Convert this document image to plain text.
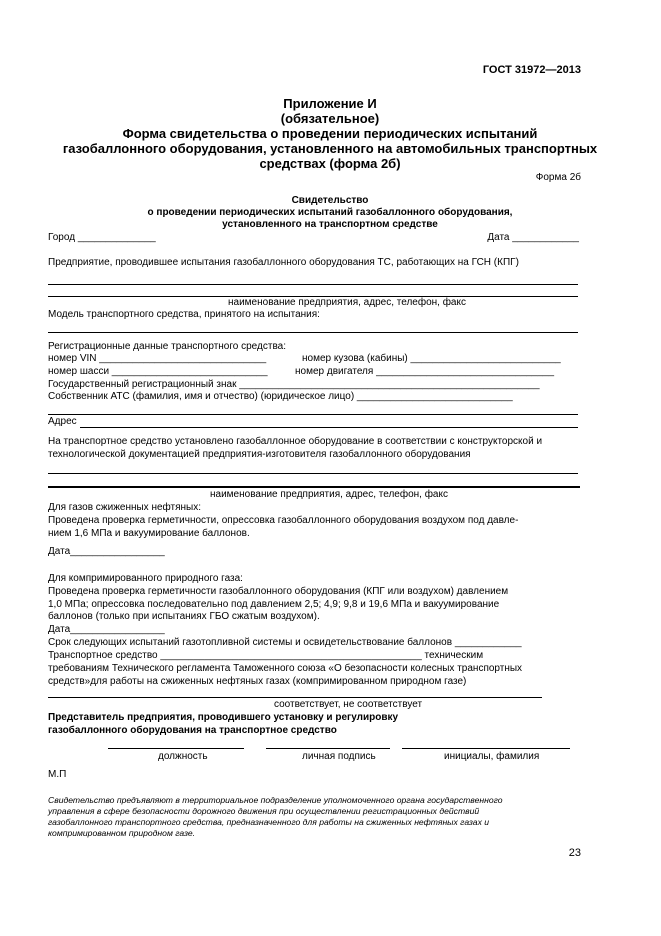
ГОСТ 31972—2013
Приложение И
(обязательное)
Форма свидетельства о проведении периодических испытаний
газобаллонного оборудования, установленного на автомобильных транспортных
средствах (форма 2б)
Форма 2б
Свидетельство
о проведении периодических испытаний газобаллонного оборудования,
установленного на транспортном средстве
Город ______________	Дата ____________
Предприятие, проводившее испытания газобаллонного оборудования ТС, работающих на ГСН (КПГ)
наименование предприятия, адрес, телефон, факс
Модель транспортного средства, принятого на испытания:
Регистрационные данные транспортного средства:
номер VIN ______________________________	номер кузова (кабины) ___________________________
номер шасси ____________________________	номер двигателя ________________________________
Государственный регистрационный знак ______________________________________________________
Собственник АТС (фамилия, имя и отчество) (юридическое лицо) ____________________________
Адрес
На транспортное средство установлено газобаллонное оборудование в соответствии с конструкторской и
технологической документацией предприятия-изготовителя газобаллонного оборудования
наименование предприятия, адрес, телефон, факс
Для газов сжиженных нефтяных:
Проведена проверка герметичности, опрессовка газобаллонного оборудования воздухом под давле-
нием 1,6 МПа и вакуумирование баллонов.
Дата_________________
Для компримированного природного газа:
Проведена проверка герметичности газобаллонного оборудования (КПГ или воздухом) давлением
1,0 МПа; опрессовка последовательно под давлением 2,5; 4,9; 9,8 и 19,6 МПа и вакуумирование
баллонов (только при испытаниях ГБО сжатым воздухом).
Дата_________________
Срок следующих испытаний газотопливной системы и освидетельствование баллонов ____________
Транспортное средство _______________________________________________ техническим
требованиям Технического регламента Таможенного союза «О безопасности колесных транспортных
средств»для работы на сжиженных нефтяных газах (компримированном природном газе)
соответствует, не соответствует
Представитель предприятия, проводившего установку и регулировку
газобаллонного оборудования на транспортное средство
должность	личная подпись	инициалы, фамилия
М.П
Свидетельство предъявляют в территориальное подразделение уполномоченного органа государственного
управления в сфере безопасности дорожного движения при осуществлении регистрационных действий
газобаллонного транспортного средства, предназначенного для работы на сжиженных нефтяных газах и
компримированном природном газе.
23
